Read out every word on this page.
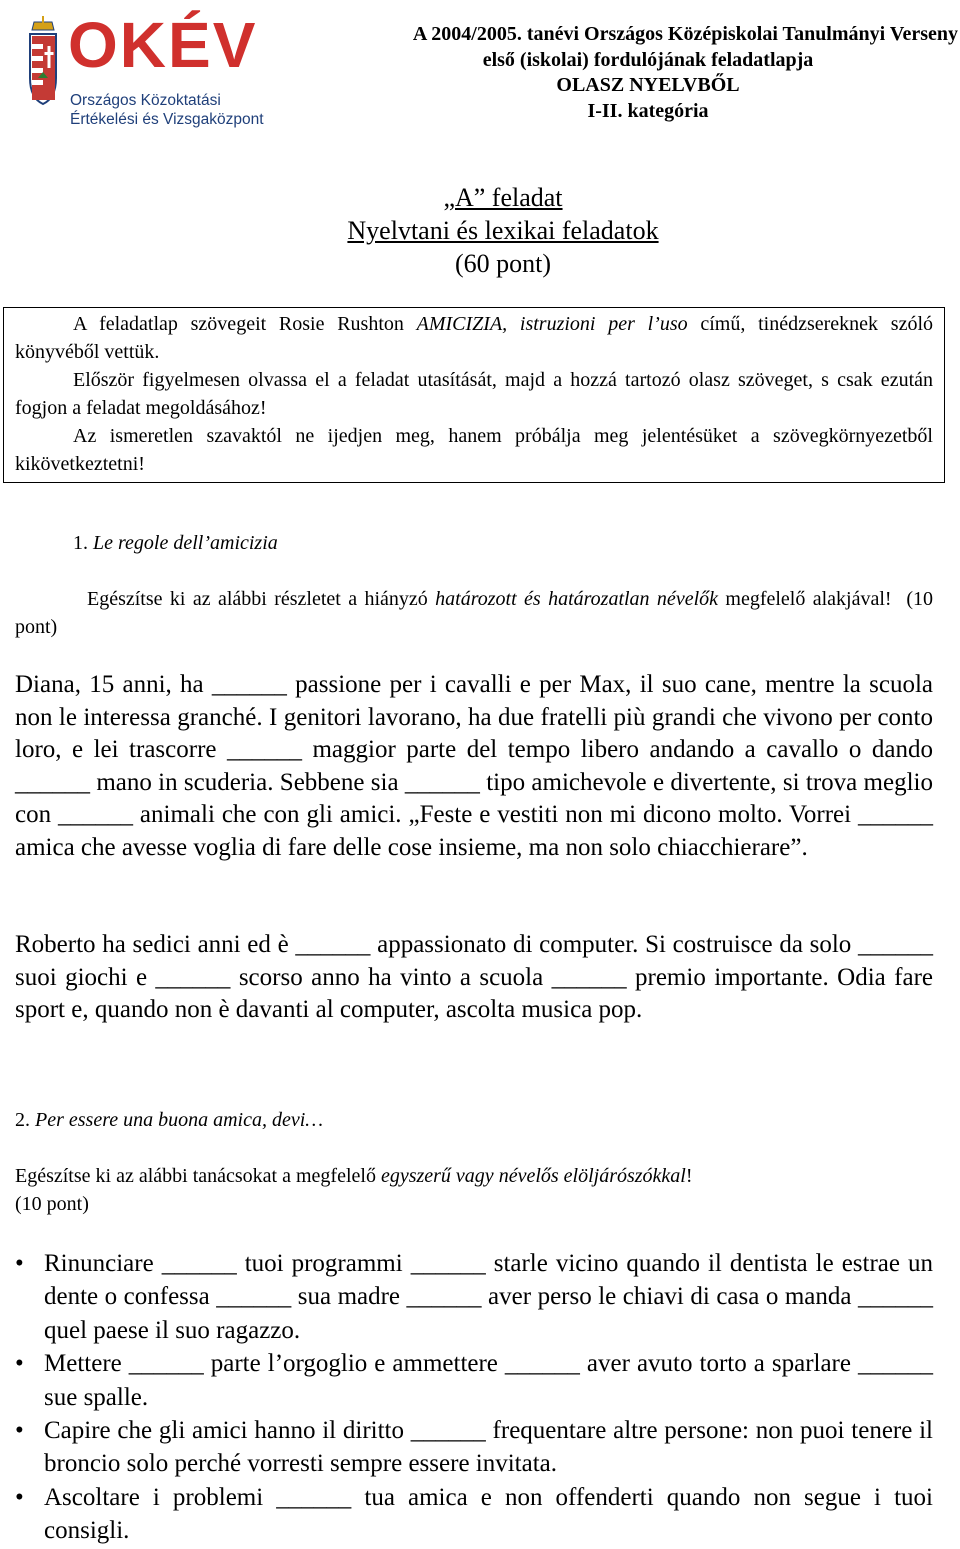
OKÉV
Országos Közoktatási
Értékelési és Vizsgaközpont
A 2004/2005. tanévi Országos Középiskolai Tanulmányi Verseny
első (iskolai) fordulójának feladatlapja
OLASZ NYELVBŐL
I-II. kategória
„A” feladat
Nyelvtani és lexikai feladatok
(60 pont)

A feladatlap szövegeit Rosie Rushton AMICIZIA, istruzioni per l’uso című, tinédzsereknek szóló könyvéből vettük.

Először figyelmesen olvassa el a feladat utasítását, majd a hozzá tartozó olasz szöveget, s csak ezután fogjon a feladat megoldásához!

Az ismeretlen szavaktól ne ijedjen meg, hanem próbálja meg jelentésüket a szövegkörnyezetből kikövetkeztetni!

1. Le regole dell’amicizia
Egészítse ki az alábbi részletet a hiányzó határozott és határozatlan névelők megfelelő alakjával! (10 pont)
Diana, 15 anni, ha ______ passione per i cavalli e per Max, il suo cane, mentre la scuola non le interessa granché. I genitori lavorano, ha due fratelli più grandi che vivono per conto loro, e lei trascorre ______ maggior parte del tempo libero andando a cavallo o dando ______ mano in scuderia. Sebbene sia ______ tipo amichevole e divertente, si trova meglio con ______ animali che con gli amici. „Feste e vestiti non mi dicono molto. Vorrei ______ amica che avesse voglia di fare delle cose insieme, ma non solo chiacchierare”.
Roberto ha sedici anni ed è ______ appassionato di computer. Si costruisce da solo ______ suoi giochi e ______ scorso anno ha vinto a scuola ______ premio importante. Odia fare sport e, quando non è davanti al computer, ascolta musica pop.
2. Per essere una buona amica, devi…
Egészítse ki az alábbi tanácsokat a megfelelő egyszerű vagy névelős elöljárószókkal!
(10 pont)
• Rinunciare ______ tuoi programmi ______ starle vicino quando il dentista le estrae un dente o confessa ______ sua madre ______ aver perso le chiavi di casa o manda ______ quel paese il suo ragazzo.
• Mettere ______ parte l’orgoglio e ammettere ______ aver avuto torto a sparlare ______ sue spalle.
• Capire che gli amici hanno il diritto ______ frequentare altre persone: non puoi tenere il broncio solo perché vorresti sempre essere invitata.
• Ascoltare i problemi ______ tua amica e non offenderti quando non segue i tuoi consigli.
